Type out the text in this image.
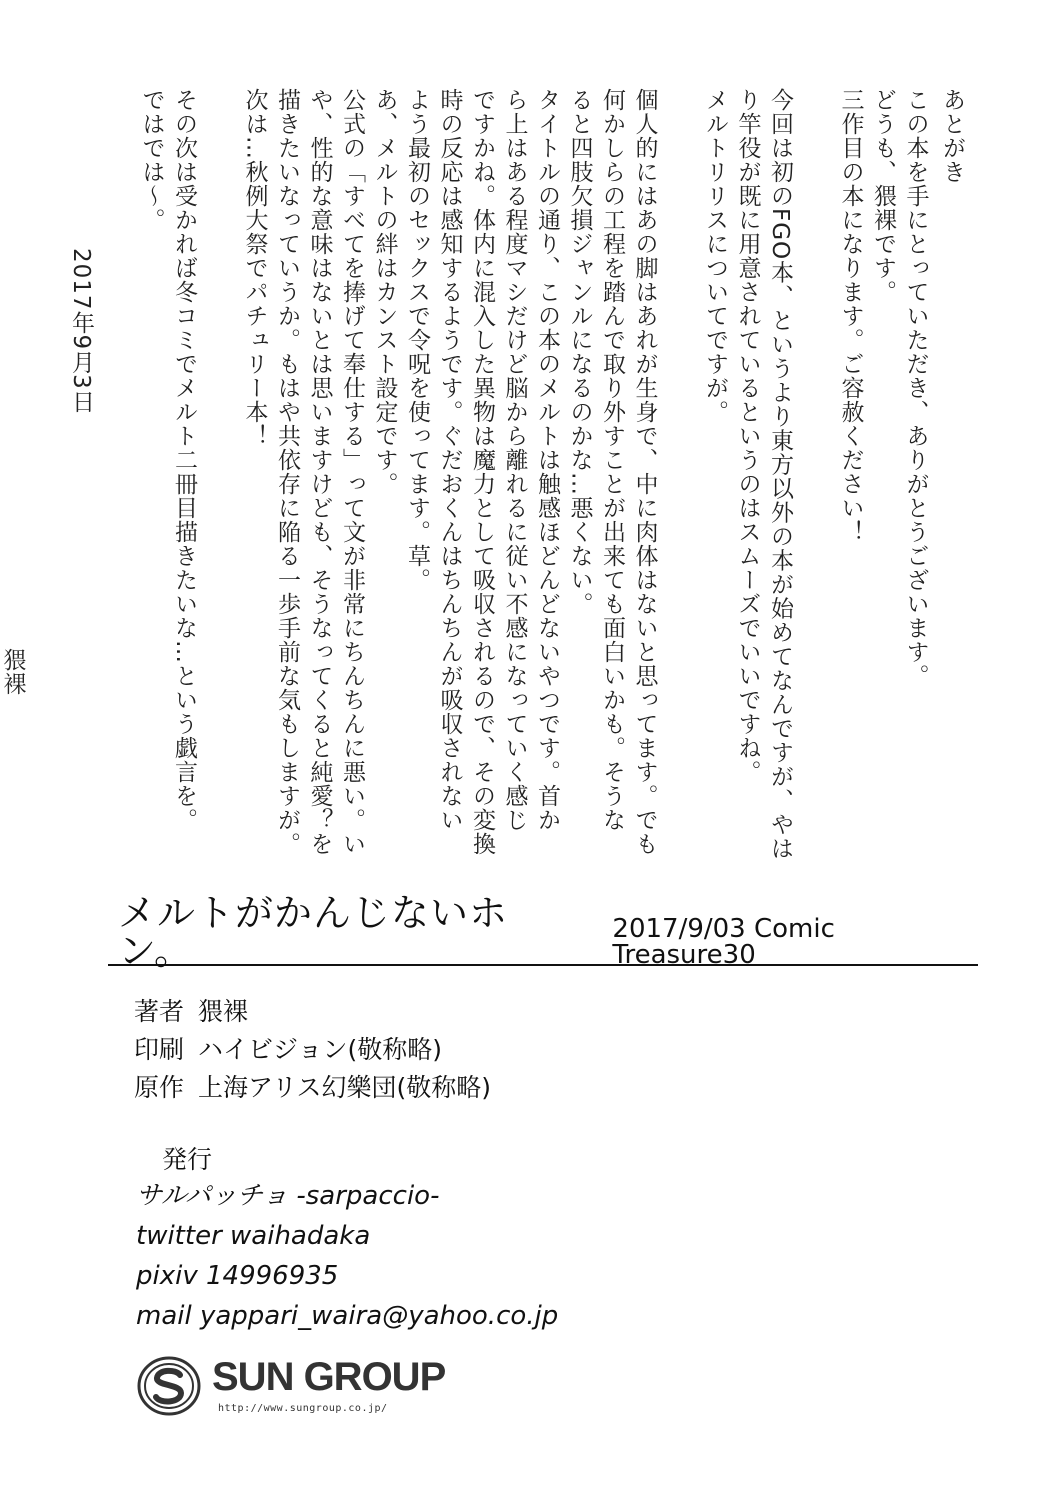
あとがき

この本を手にとっていただき、ありがとうございます。

どうも、猥裸です。

三作目の本になります。ご容赦ください！

今回は初のFGO本、というより東方以外の本が始めてなんですが、やは

り竿役が既に用意されているというのはスムーズでいいですね。

メルトリリスについてですが。

個人的にはあの脚はあれが生身で、中に肉体はないと思ってます。でも

何かしらの工程を踏んで取り外すことが出来ても面白いかも。そうな

ると四肢欠損ジャンルになるのかな…悪くない。

タイトルの通り、この本のメルトは触感ほどんどないやつです。首か

ら上はある程度マシだけど脳から離れるに従い不感になっていく感じ

ですかね。体内に混入した異物は魔力として吸収されるので、その変換

時の反応は感知するようです。ぐだおくんはちんちんが吸収されない

よう最初のセックスで令呪を使ってます。草。

あ、メルトの絆はカンスト設定です。

公式の「すべてを捧げて奉仕する」って文が非常にちんちんに悪い。い

や、性的な意味はないとは思いますけども、そうなってくると純愛？を

描きたいなっていうか。もはや共依存に陥る一歩手前な気もしますが。

次は…秋例大祭でパチュリー本！

その次は受かれば冬コミでメルト二冊目描きたいな…という戯言を。

ではでは～。

2017年9月3日

猥裸

メルトがかんじないホン。	2017/9/03 Comic Treasure30
著者 猥裸
印刷 ハイビジョン(敬称略)
原作 上海アリス幻樂団(敬称略)
発行
サルパッチョ -sarpaccio-
twitter waihadaka
pixiv 14996935
mail yappari_waira@yahoo.co.jp
SUN GROUP
http://www.sungroup.co.jp/
